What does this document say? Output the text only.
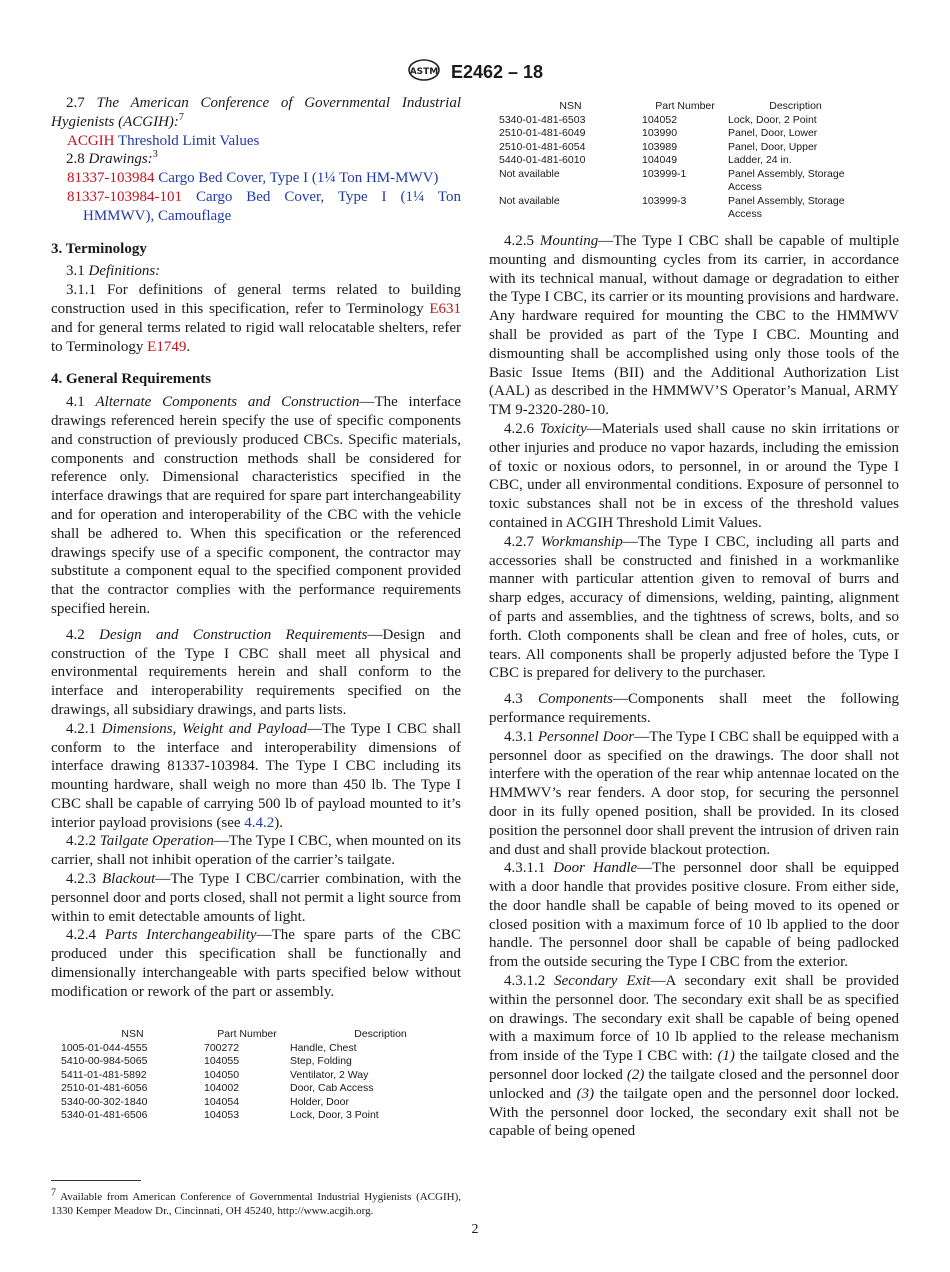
ASTM E2462 – 18

2.7 The American Conference of Governmental Industrial Hygienists (ACGIH):$^7$

ACGIH Threshold Limit Values

2.8 Drawings:$^3$

81337-103984 Cargo Bed Cover, Type I (1¼ Ton HM-MWV)

81337-103984-101 Cargo Bed Cover, Type I (1¼ Ton HMMWV), Camouflage

3. Terminology

3.1 Definitions:

3.1.1 For definitions of general terms related to building construction used in this specification, refer to Terminology E631 and for general terms related to rigid wall relocatable shelters, refer to Terminology E1749.

4. General Requirements

4.1 Alternate Components and Construction—The interface drawings referenced herein specify the use of specific components and construction of previously produced CBCs. Specific materials, components and construction methods shall be considered for reference only. Dimensional characteristics specified in the interface drawings that are required for spare part interchangeability and for operation and interoperability of the CBC with the vehicle shall be adhered to. When this specification or the referenced drawings specify use of a specific component, the contractor may substitute a component equal to the specified component provided that the contractor complies with the performance requirements specified herein.

4.2 Design and Construction Requirements—Design and construction of the Type I CBC shall meet all physical and environmental requirements herein and shall conform to the interface and interoperability requirements specified on the drawings, all subsidiary drawings, and parts lists.

4.2.1 Dimensions, Weight and Payload—The Type I CBC shall conform to the interface and interoperability dimensions of interface drawing 81337-103984. The Type I CBC including its mounting hardware, shall weigh no more than 450 lb. The Type I CBC shall be capable of carrying 500 lb of payload mounted to it’s interior payload provisions (see 4.4.2).

4.2.2 Tailgate Operation—The Type I CBC, when mounted on its carrier, shall not inhibit operation of the carrier’s tailgate.

4.2.3 Blackout—The Type I CBC/carrier combination, with the personnel door and ports closed, shall not permit a light source from within to emit detectable amounts of light.

4.2.4 Parts Interchangeability—The spare parts of the CBC produced under this specification shall be functionally and dimensionally interchangeable with parts specified below without modification or rework of the part or assembly.

NSN	Part Number	Description
1005-01-044-4555	700272	Handle, Chest
5410-00-984-5065	104055	Step, Folding
5411-01-481-5892	104050	Ventilator, 2 Way
2510-01-481-6056	104002	Door, Cab Access
5340-00-302-1840	104054	Holder, Door
5340-01-481-6506	104053	Lock, Door, 3 Point
NSN	Part Number	Description
5340-01-481-6503	104052	Lock, Door, 2 Point
2510-01-481-6049	103990	Panel, Door, Lower
2510-01-481-6054	103989	Panel, Door, Upper
5440-01-481-6010	104049	Ladder, 24 in.
Not available	103999-1	Panel Assembly, Storage Access
Not available	103999-3	Panel Assembly, Storage Access

4.2.5 Mounting—The Type I CBC shall be capable of multiple mounting and dismounting cycles from its carrier, in accordance with its technical manual, without damage or degradation to either the Type I CBC, its carrier or its mounting provisions and hardware. Any hardware required for mounting the CBC to the HMMWV shall be provided as part of the Type I CBC. Mounting and dismounting shall be accomplished using only those tools of the Basic Issue Items (BII) and the Additional Authorization List (AAL) as described in the HMMWV’S Operator’s Manual, ARMY TM 9-2320-280-10.

4.2.6 Toxicity—Materials used shall cause no skin irritations or other injuries and produce no vapor hazards, including the emission of toxic or noxious odors, to personnel, in or around the Type I CBC, under all environmental conditions. Exposure of personnel to toxic substances shall not be in excess of the threshold values contained in ACGIH Threshold Limit Values.

4.2.7 Workmanship—The Type I CBC, including all parts and accessories shall be constructed and finished in a workmanlike manner with particular attention given to removal of burrs and sharp edges, accuracy of dimensions, welding, painting, alignment of parts and assemblies, and the tightness of screws, bolts, and so forth. Cloth components shall be clean and free of holes, cuts, or tears. All components shall be properly adjusted before the Type I CBC is prepared for delivery to the purchaser.

4.3 Components—Components shall meet the following performance requirements.

4.3.1 Personnel Door—The Type I CBC shall be equipped with a personnel door as specified on the drawings. The door shall not interfere with the operation of the rear whip antennae located on the HMMWV’s rear fenders. A door stop, for securing the personnel door in its fully opened position, shall be provided. In its closed position the personnel door shall prevent the intrusion of driven rain and dust and shall provide blackout protection.

4.3.1.1 Door Handle—The personnel door shall be equipped with a door handle that provides positive closure. From either side, the door handle shall be capable of being moved to its opened or closed position with a maximum force of 10 lb applied to the door handle. The personnel door shall be capable of being padlocked from the outside securing the Type I CBC from the exterior.

4.3.1.2 Secondary Exit—A secondary exit shall be provided within the personnel door. The secondary exit shall be as specified on drawings. The secondary exit shall be capable of being opened with a maximum force of 10 lb applied to the release mechanism from inside of the Type I CBC with: (1) the tailgate closed and the personnel door locked (2) the tailgate closed and the personnel door unlocked and (3) the tailgate open and the personnel door locked. With the personnel door locked, the secondary exit shall not be capable of being opened

$^7$ Available from American Conference of Governmental Industrial Hygienists (ACGIH), 1330 Kemper Meadow Dr., Cincinnati, OH 45240, http://www.acgih.org.
2
